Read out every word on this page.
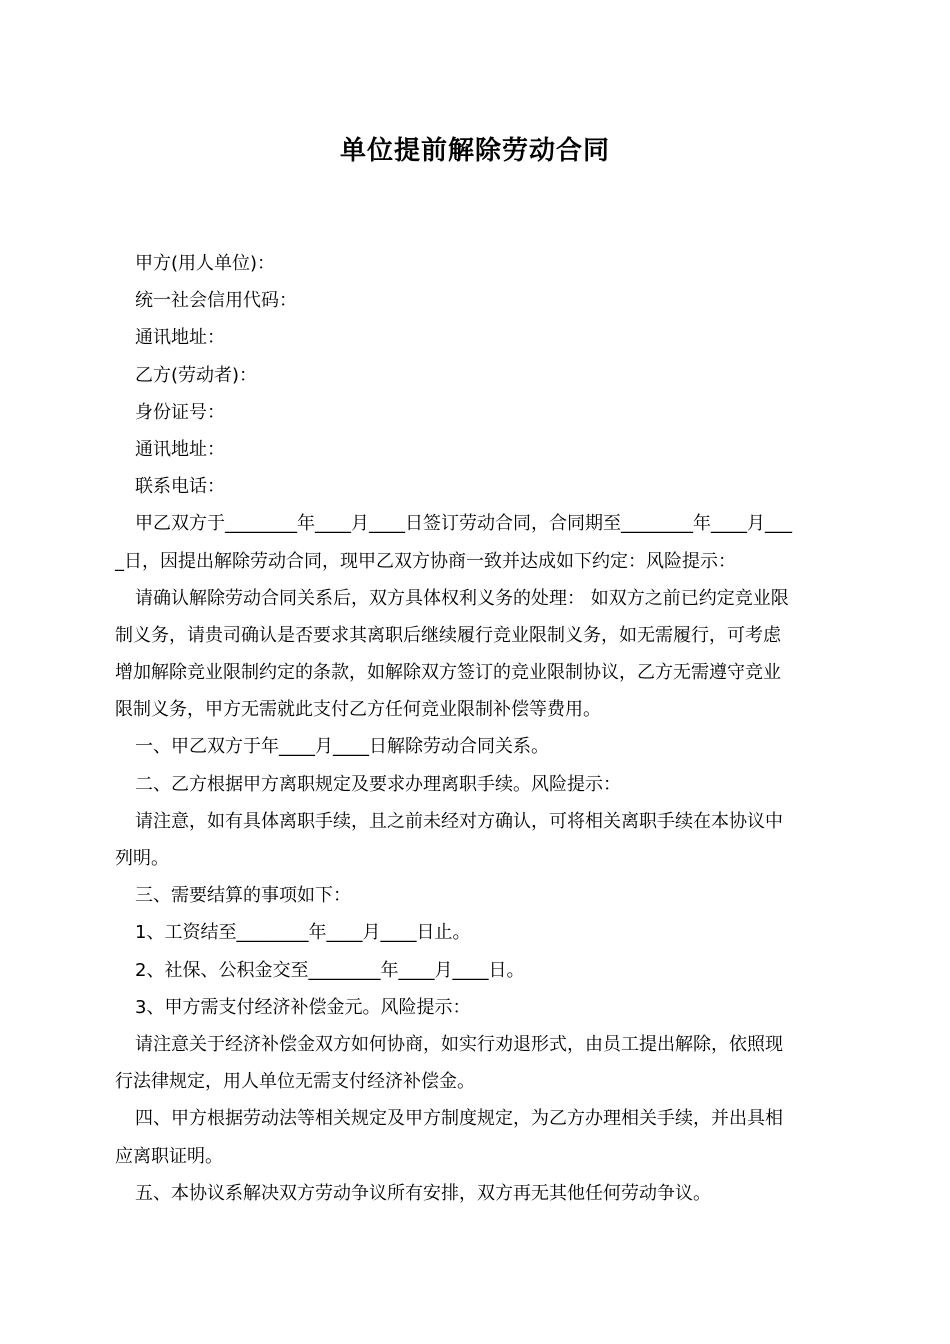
单位提前解除劳动合同
甲方(用人单位)：
统一社会信用代码：
通讯地址：
乙方(劳动者)：
身份证号：
通讯地址：
联系电话：
甲乙双方于________年____月____日签订劳动合同，合同期至________年____月___
_日，因提出解除劳动合同，现甲乙双方协商一致并达成如下约定：风险提示：
请确认解除劳动合同关系后，双方具体权利义务的处理： 如双方之前已约定竞业限
制义务，请贵司确认是否要求其离职后继续履行竞业限制义务，如无需履行，可考虑
增加解除竞业限制约定的条款，如解除双方签订的竞业限制协议，乙方无需遵守竞业
限制义务，甲方无需就此支付乙方任何竞业限制补偿等费用。
一、甲乙双方于年____月____日解除劳动合同关系。
二、乙方根据甲方离职规定及要求办理离职手续。风险提示：
请注意，如有具体离职手续，且之前未经对方确认，可将相关离职手续在本协议中
列明。
三、需要结算的事项如下：
1、工资结至________年____月____日止。
2、社保、公积金交至________年____月____日。
3、甲方需支付经济补偿金元。风险提示：
请注意关于经济补偿金双方如何协商，如实行劝退形式，由员工提出解除，依照现
行法律规定，用人单位无需支付经济补偿金。
四、甲方根据劳动法等相关规定及甲方制度规定，为乙方办理相关手续，并出具相
应离职证明。
五、本协议系解决双方劳动争议所有安排，双方再无其他任何劳动争议。
